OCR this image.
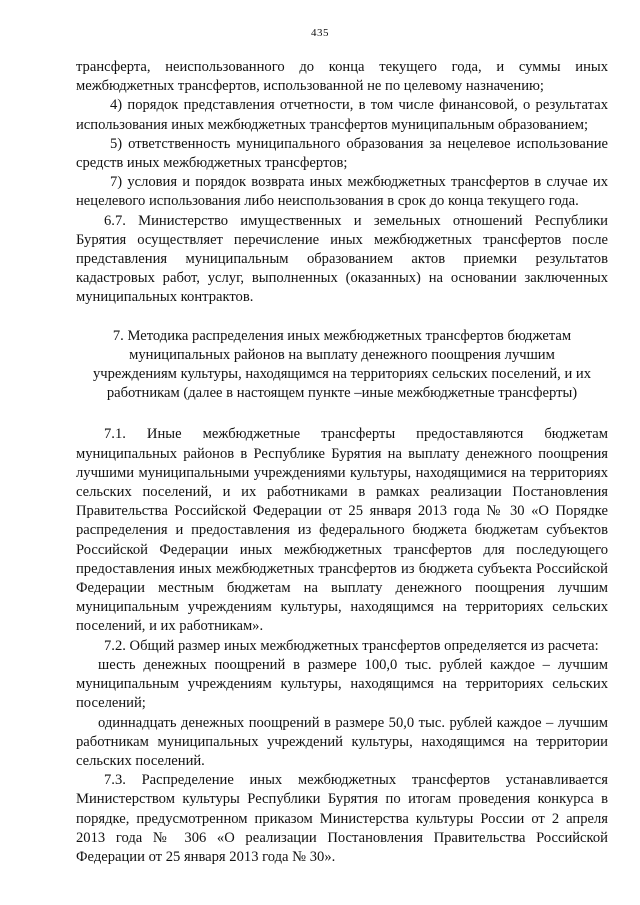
435

трансферта, неиспользованного до конца текущего года, и суммы иных межбюджетных трансфертов, использованной не по целевому назначению;

4) порядок представления отчетности, в том числе финансовой, о результатах использования иных межбюджетных трансфертов муниципальным образованием;

5) ответственность муниципального образования за нецелевое использование средств иных межбюджетных трансфертов;

7) условия и порядок возврата иных межбюджетных трансфертов в случае их нецелевого использования либо неиспользования в срок до конца текущего года.

6.7. Министерство имущественных и земельных отношений Республики Бурятия осуществляет перечисление иных межбюджетных трансфертов после представления муниципальным образованием актов приемки результатов кадастровых работ, услуг, выполненных (оказанных) на основании заключенных муниципальных контрактов.

7. Методика распределения иных межбюджетных трансфертов бюджетам муниципальных районов на выплату денежного поощрения лучшим учреждениям культуры, находящимся на территориях сельских поселений, и их работникам (далее в настоящем пункте –иные межбюджетные трансферты)

7.1. Иные межбюджетные трансферты предоставляются бюджетам муниципальных районов в Республике Бурятия на выплату денежного поощрения лучшими муниципальными учреждениями культуры, находящимися на территориях сельских поселений, и их работниками в рамках реализации Постановления Правительства Российской Федерации от 25 января 2013 года № 30 «О Порядке распределения и предоставления из федерального бюджета бюджетам субъектов Российской Федерации иных межбюджетных трансфертов для последующего предоставления иных межбюджетных трансфертов из бюджета субъекта Российской Федерации местным бюджетам на выплату денежного поощрения лучшим муниципальным учреждениям культуры, находящимся на территориях сельских поселений, и их работникам».

7.2. Общий размер иных межбюджетных трансфертов определяется из расчета:

шесть денежных поощрений в размере 100,0 тыс. рублей каждое – лучшим муниципальным учреждениям культуры, находящимся на территориях сельских поселений;

одиннадцать денежных поощрений в размере 50,0 тыс. рублей каждое – лучшим работникам муниципальных учреждений культуры, находящимся на территории сельских поселений.

7.3. Распределение иных межбюджетных трансфертов устанавливается Министерством культуры Республики Бурятия по итогам проведения конкурса в порядке, предусмотренном приказом Министерства культуры России от 2 апреля 2013 года № 306 «О реализации Постановления Правительства Российской Федерации от 25 января 2013 года № 30».
